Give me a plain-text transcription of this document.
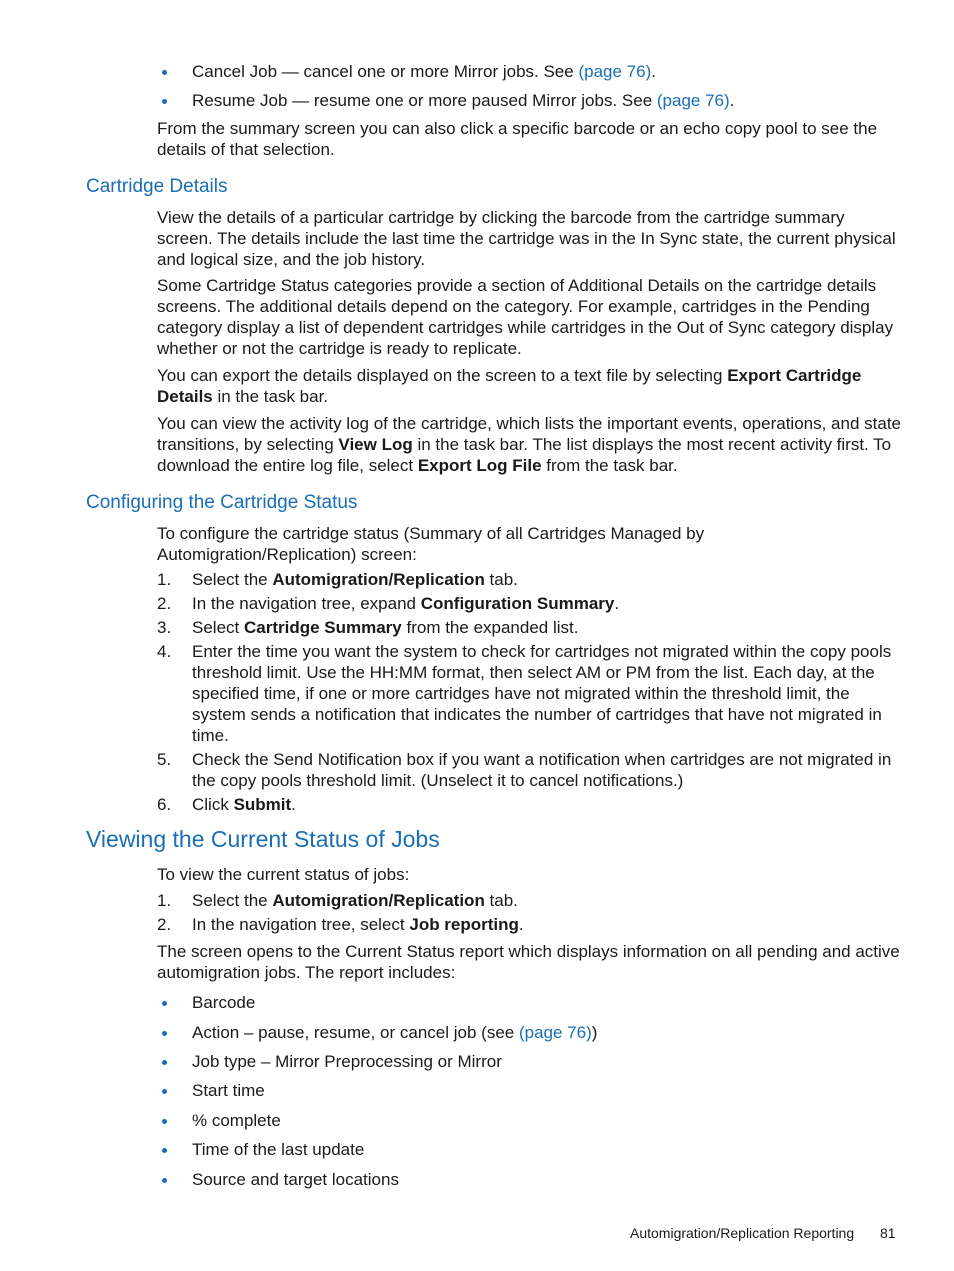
Cancel Job — cancel one or more Mirror jobs. See (page 76).
Resume Job — resume one or more paused Mirror jobs. See (page 76).
From the summary screen you can also click a specific barcode or an echo copy pool to see the details of that selection.
Cartridge Details
View the details of a particular cartridge by clicking the barcode from the cartridge summary screen. The details include the last time the cartridge was in the In Sync state, the current physical and logical size, and the job history.
Some Cartridge Status categories provide a section of Additional Details on the cartridge details screens. The additional details depend on the category. For example, cartridges in the Pending category display a list of dependent cartridges while cartridges in the Out of Sync category display whether or not the cartridge is ready to replicate.
You can export the details displayed on the screen to a text file by selecting Export Cartridge Details in the task bar.
You can view the activity log of the cartridge, which lists the important events, operations, and state transitions, by selecting View Log in the task bar. The list displays the most recent activity first. To download the entire log file, select Export Log File from the task bar.
Configuring the Cartridge Status
To configure the cartridge status (Summary of all Cartridges Managed by Automigration/Replication) screen:
1. Select the Automigration/Replication tab.
2. In the navigation tree, expand Configuration Summary.
3. Select Cartridge Summary from the expanded list.
4. Enter the time you want the system to check for cartridges not migrated within the copy pools threshold limit. Use the HH:MM format, then select AM or PM from the list. Each day, at the specified time, if one or more cartridges have not migrated within the threshold limit, the system sends a notification that indicates the number of cartridges that have not migrated in time.
5. Check the Send Notification box if you want a notification when cartridges are not migrated in the copy pools threshold limit. (Unselect it to cancel notifications.)
6. Click Submit.
Viewing the Current Status of Jobs
To view the current status of jobs:
1. Select the Automigration/Replication tab.
2. In the navigation tree, select Job reporting.
The screen opens to the Current Status report which displays information on all pending and active automigration jobs. The report includes:
Barcode
Action – pause, resume, or cancel job (see (page 76))
Job type – Mirror Preprocessing or Mirror
Start time
% complete
Time of the last update
Source and target locations
Automigration/Replication Reporting 81
